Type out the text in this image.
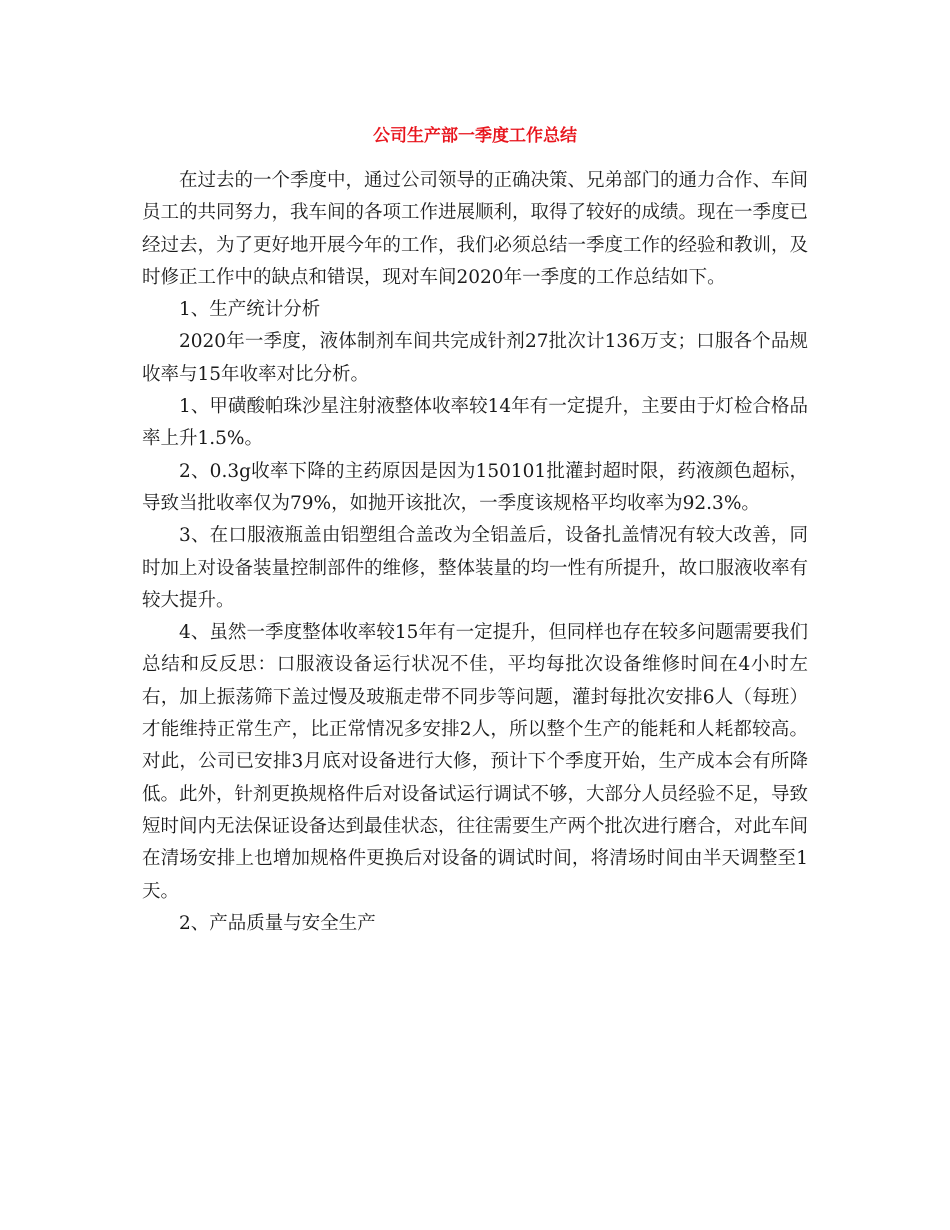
公司生产部一季度工作总结

在过去的一个季度中，通过公司领导的正确决策、兄弟部门的通力合作、车间员工的共同努力，我车间的各项工作进展顺利，取得了较好的成绩。现在一季度已经过去，为了更好地开展今年的工作，我们必须总结一季度工作的经验和教训，及时修正工作中的缺点和错误，现对车间2020年一季度的工作总结如下。

1、生产统计分析

2020年一季度，液体制剂车间共完成针剂27批次计136万支；口服各个品规收率与15年收率对比分析。

1、甲磺酸帕珠沙星注射液整体收率较14年有一定提升，主要由于灯检合格品率上升1.5%。

2、0.3g收率下降的主药原因是因为150101批灌封超时限，药液颜色超标，导致当批收率仅为79%，如抛开该批次，一季度该规格平均收率为92.3%。

3、在口服液瓶盖由铝塑组合盖改为全铝盖后，设备扎盖情况有较大改善，同时加上对设备装量控制部件的维修，整体装量的均一性有所提升，故口服液收率有较大提升。

4、虽然一季度整体收率较15年有一定提升，但同样也存在较多问题需要我们总结和反反思：口服液设备运行状况不佳，平均每批次设备维修时间在4小时左右，加上振荡筛下盖过慢及玻瓶走带不同步等问题，灌封每批次安排6人（每班）才能维持正常生产，比正常情况多安排2人，所以整个生产的能耗和人耗都较高。对此，公司已安排3月底对设备进行大修，预计下个季度开始，生产成本会有所降低。此外，针剂更换规格件后对设备试运行调试不够，大部分人员经验不足，导致短时间内无法保证设备达到最佳状态，往往需要生产两个批次进行磨合，对此车间在清场安排上也增加规格件更换后对设备的调试时间，将清场时间由半天调整至1天。

2、产品质量与安全生产
